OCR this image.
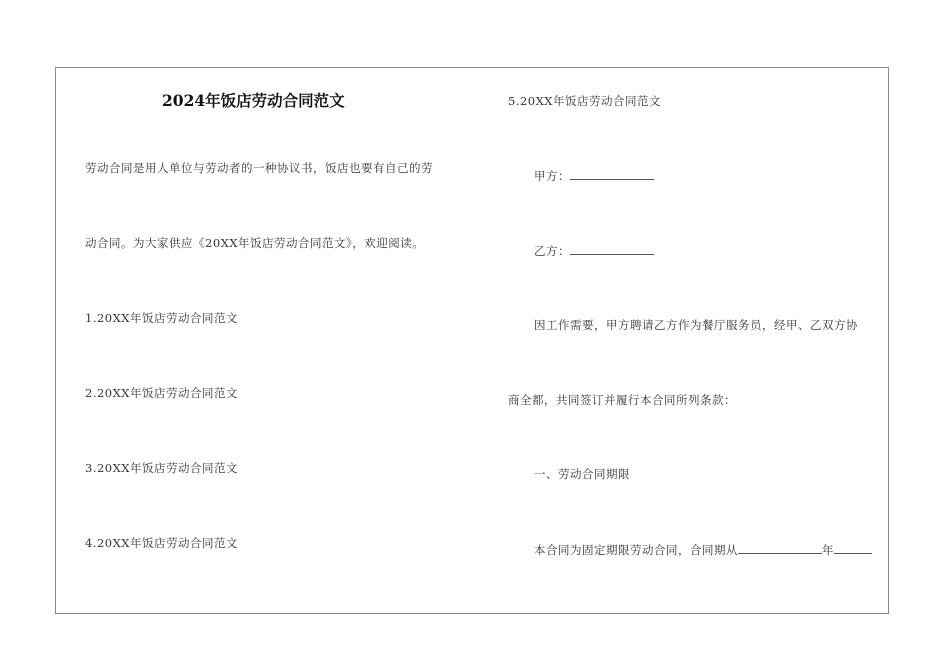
2024年饭店劳动合同范文
劳动合同是用人单位与劳动者的一种协议书，饭店也要有自己的劳
动合同。为大家供应《20XX年饭店劳动合同范文》，欢迎阅读。
1.20XX年饭店劳动合同范文
2.20XX年饭店劳动合同范文
3.20XX年饭店劳动合同范文
4.20XX年饭店劳动合同范文
5.20XX年饭店劳动合同范文
甲方：
乙方：
因工作需要，甲方聘请乙方作为餐厅服务员，经甲、乙双方协
商全都，共同签订并履行本合同所列条款：
一、劳动合同期限
本合同为固定期限劳动合同，合同期从	年
